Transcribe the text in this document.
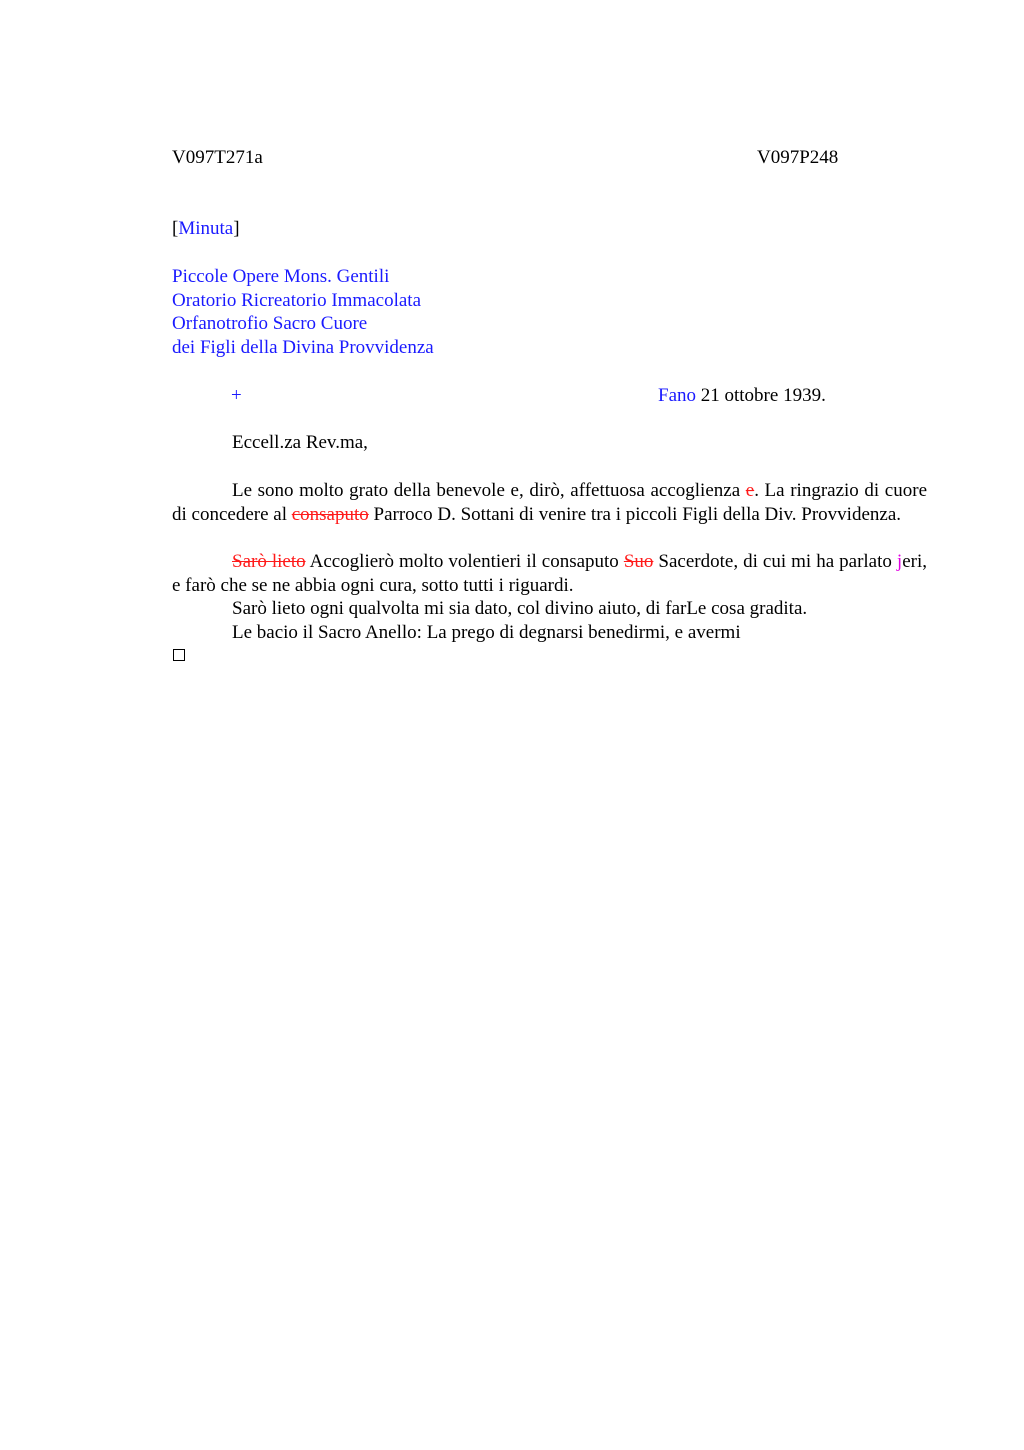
V097T271a	V097P248
[Minuta]
Piccole Opere Mons. Gentili
Oratorio Ricreatorio Immacolata
Orfanotrofio Sacro Cuore
dei Figli della Divina Provvidenza
+	Fano 21 ottobre 1939.
Eccell.za Rev.ma,

Le sono molto grato della benevole e, dirò, affettuosa accoglienza e. La ringrazio di cuore di concedere al consaputo Parroco D. Sottani di venire tra i piccoli Figli della Div. Provvidenza.

Sarò lieto Accoglierò molto volentieri il consaputo Suo Sacerdote, di cui mi ha parlato jeri, e farò che se ne abbia ogni cura, sotto tutti i riguardi.

Sarò lieto ogni qualvolta mi sia dato, col divino aiuto, di farLe cosa gradita.

Le bacio il Sacro Anello: La prego di degnarsi benedirmi, e avermi
